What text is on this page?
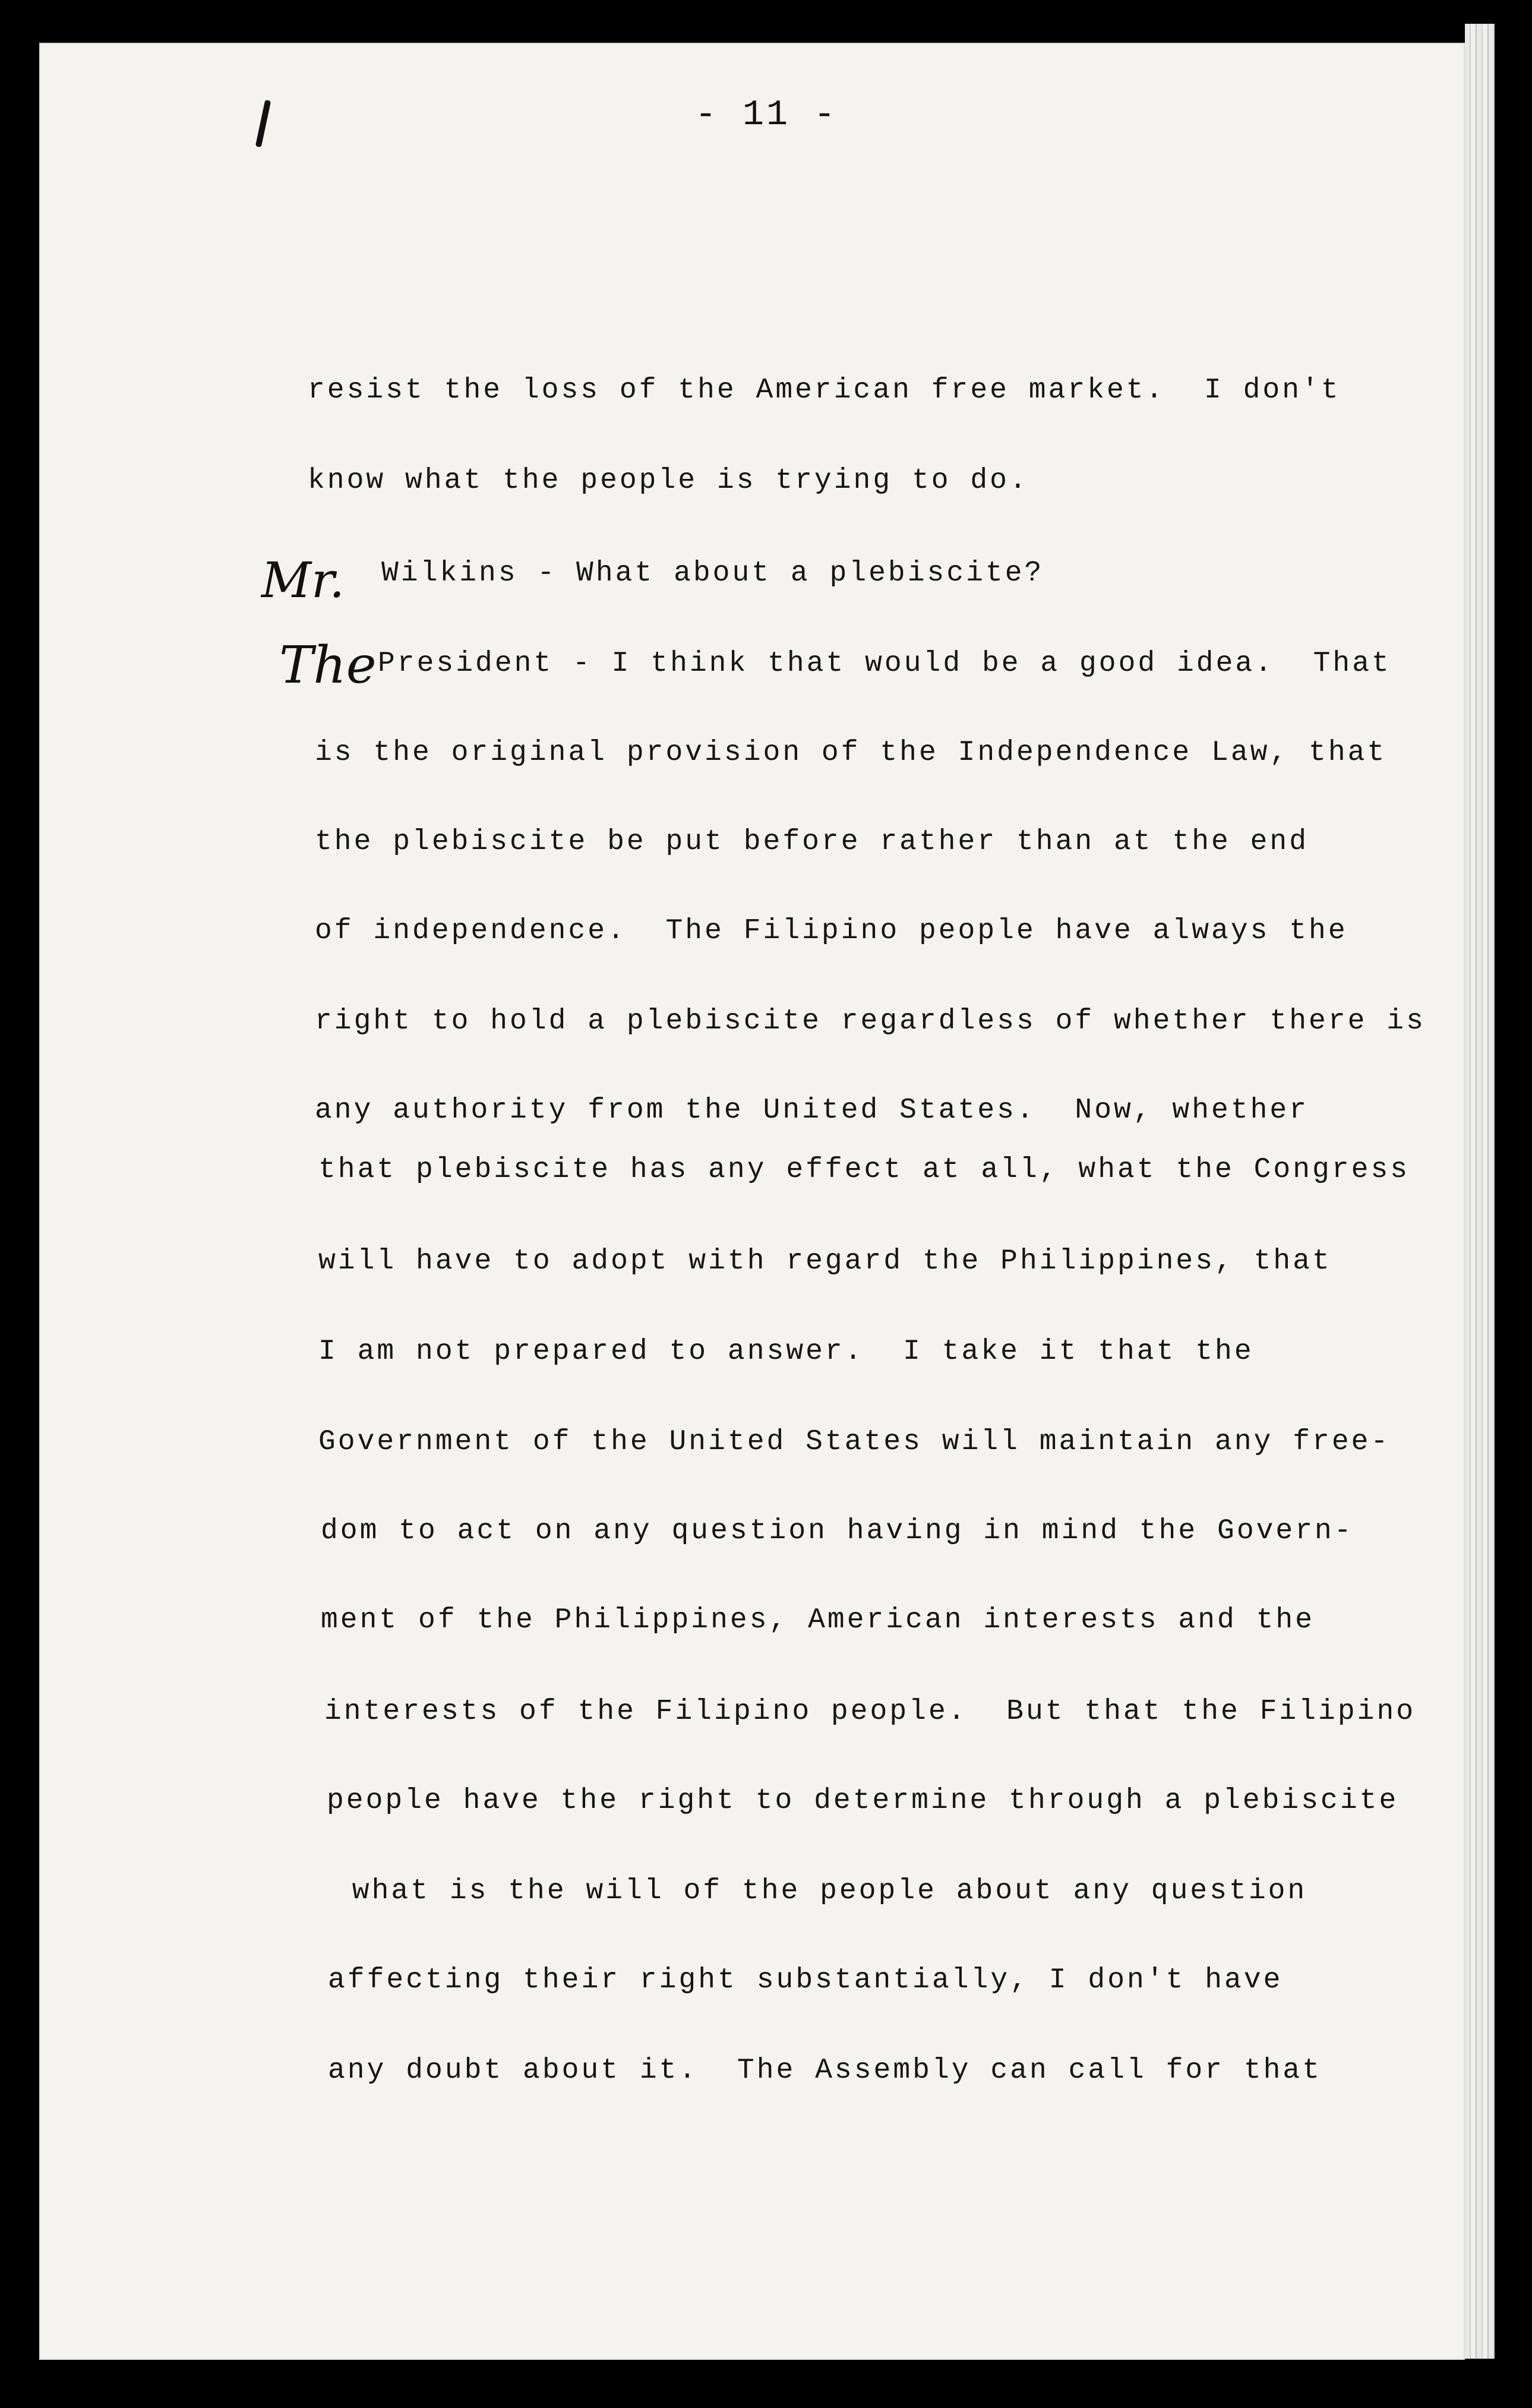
- 11 -
Mr.
The
resist the loss of the American free market.  I don't
know what the people is trying to do.
Wilkins - What about a plebiscite?
President - I think that would be a good idea.  That
is the original provision of the Independence Law, that
the plebiscite be put before rather than at the end
of independence.  The Filipino people have always the
right to hold a plebiscite regardless of whether there is
any authority from the United States.  Now, whether
that plebiscite has any effect at all, what the Congress
will have to adopt with regard the Philippines, that
I am not prepared to answer.  I take it that the
Government of the United States will maintain any free-
dom to act on any question having in mind the Govern-
ment of the Philippines, American interests and the
interests of the Filipino people.  But that the Filipino
people have the right to determine through a plebiscite
what is the will of the people about any question
affecting their right substantially, I don't have
any doubt about it.  The Assembly can call for that
